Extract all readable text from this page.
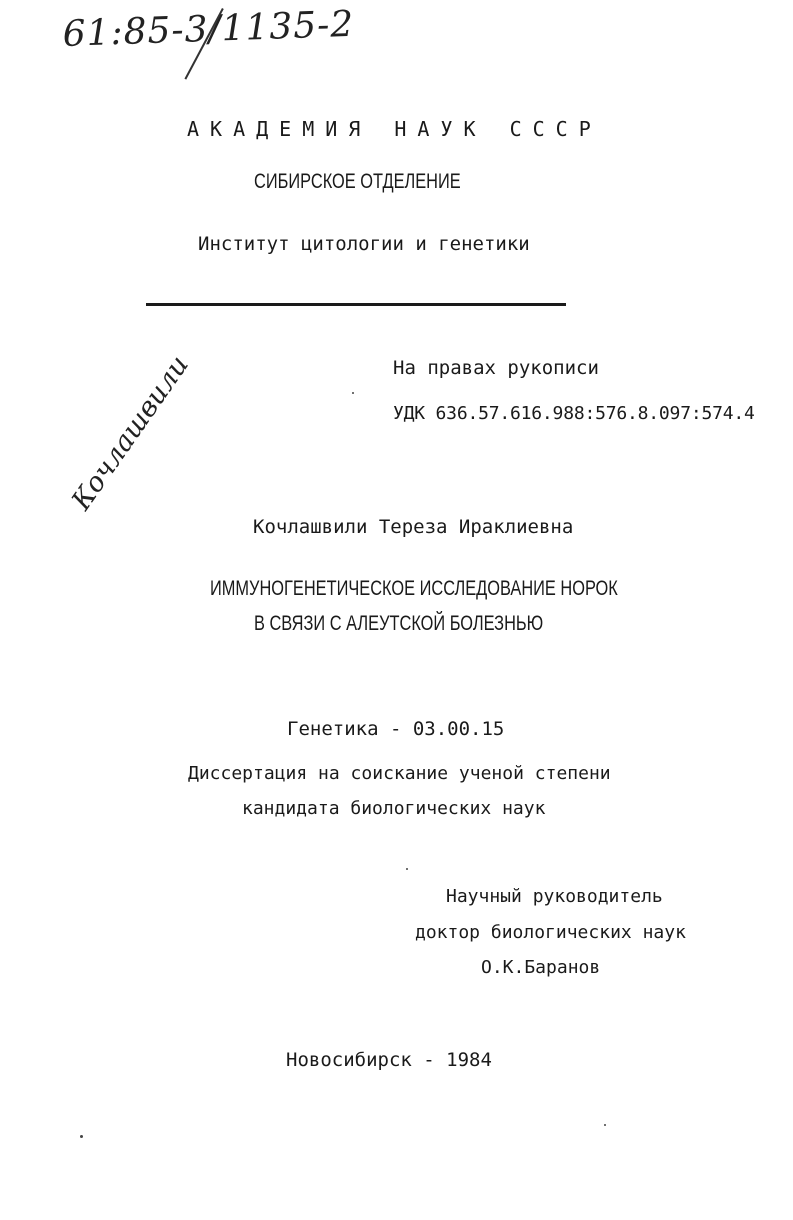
61:85-3/1135-2
АКАДЕМИЯ НАУК СССР
СИБИРСКОЕ ОТДЕЛЕНИЕ
Институт цитологии и генетики
На правах рукописи
УДК 636.57.616.988:576.8.097:574.4
Кочлашвили
Кочлашвили Тереза Ираклиевна
ИММУНОГЕНЕТИЧЕСКОЕ ИССЛЕДОВАНИЕ НОРОК
В СВЯЗИ С АЛЕУТСКОЙ БОЛЕЗНЬЮ
Генетика - 03.00.15
Диссертация на соискание ученой степени
кандидата биологических наук
Научный руководитель
доктор биологических наук
О.К.Баранов
Новосибирск - 1984
